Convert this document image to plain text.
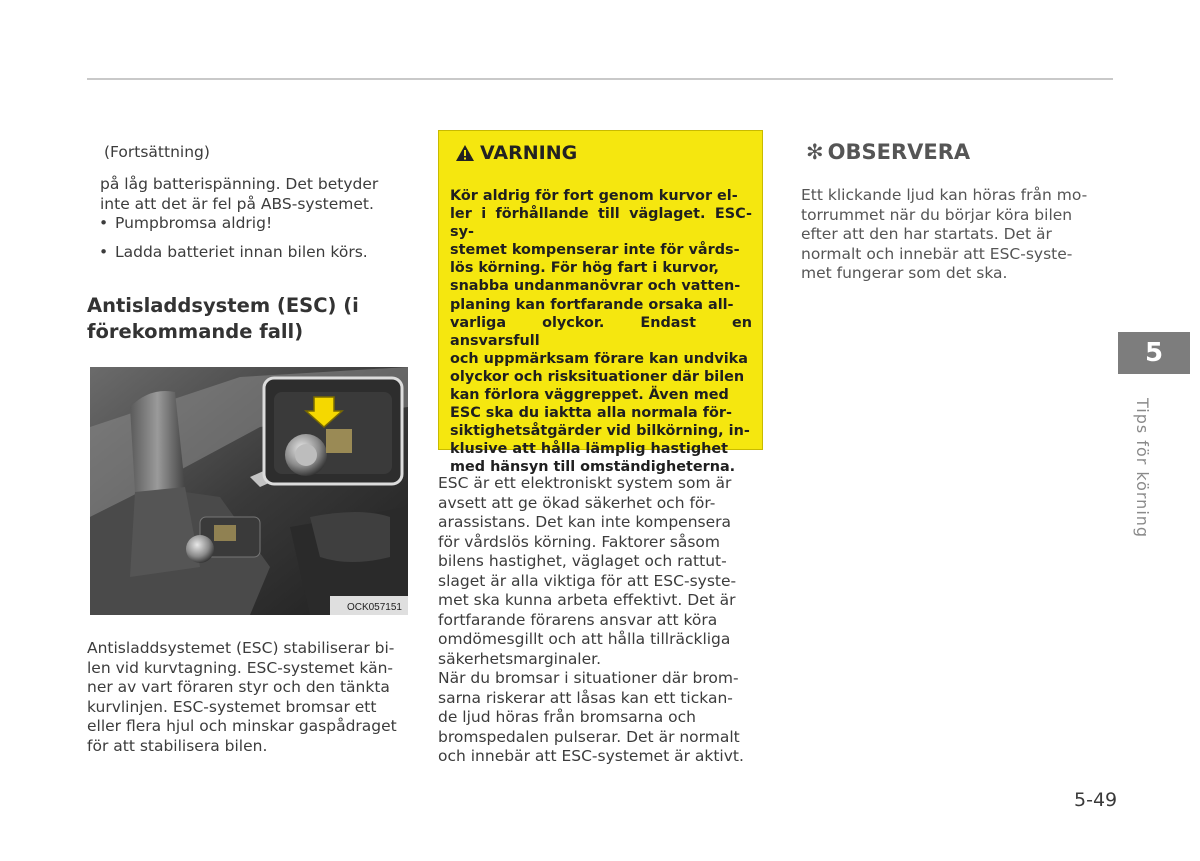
(Fortsättning)
på låg batterispänning. Det betyder
inte att det är fel på ABS-systemet.
• Pumpbromsa aldrig!
• Ladda batteriet innan bilen körs.
Antisladdsystem (ESC) (i
förekommande fall)
OCK057151
Antisladdsystemet (ESC) stabiliserar bi-
len vid kurvtagning. ESC-systemet kän-
ner av vart föraren styr och den tänkta
kurvlinjen. ESC-systemet bromsar ett
eller flera hjul och minskar gaspådraget
för att stabilisera bilen.
VARNING
Kör aldrig för fort genom kurvor el-
ler i förhållande till väglaget. ESC-sy-
stemet kompenserar inte för vårds-
lös körning. För hög fart i kurvor,
snabba undanmanövrar och vatten-
planing kan fortfarande orsaka all-
varliga olyckor. Endast en ansvarsfull
och uppmärksam förare kan undvika
olyckor och risksituationer där bilen
kan förlora väggreppet. Även med
ESC ska du iaktta alla normala för-
siktighetsåtgärder vid bilkörning, in-
klusive att hålla lämplig hastighet
med hänsyn till omständigheterna.
ESC är ett elektroniskt system som är
avsett att ge ökad säkerhet och för-
arassistans. Det kan inte kompensera
för vårdslös körning. Faktorer såsom
bilens hastighet, väglaget och rattut-
slaget är alla viktiga för att ESC-syste-
met ska kunna arbeta effektivt. Det är
fortfarande förarens ansvar att köra
omdömesgillt och att hålla tillräckliga
säkerhetsmarginaler.
När du bromsar i situationer där brom-
sarna riskerar att låsas kan ett tickan-
de ljud höras från bromsarna och
bromspedalen pulserar. Det är normalt
och innebär att ESC-systemet är aktivt.
✻ OBSERVERA
Ett klickande ljud kan höras från mo-
torrummet när du börjar köra bilen
efter att den har startats. Det är
normalt och innebär att ESC-syste-
met fungerar som det ska.
5
Tips för körning
5-49
